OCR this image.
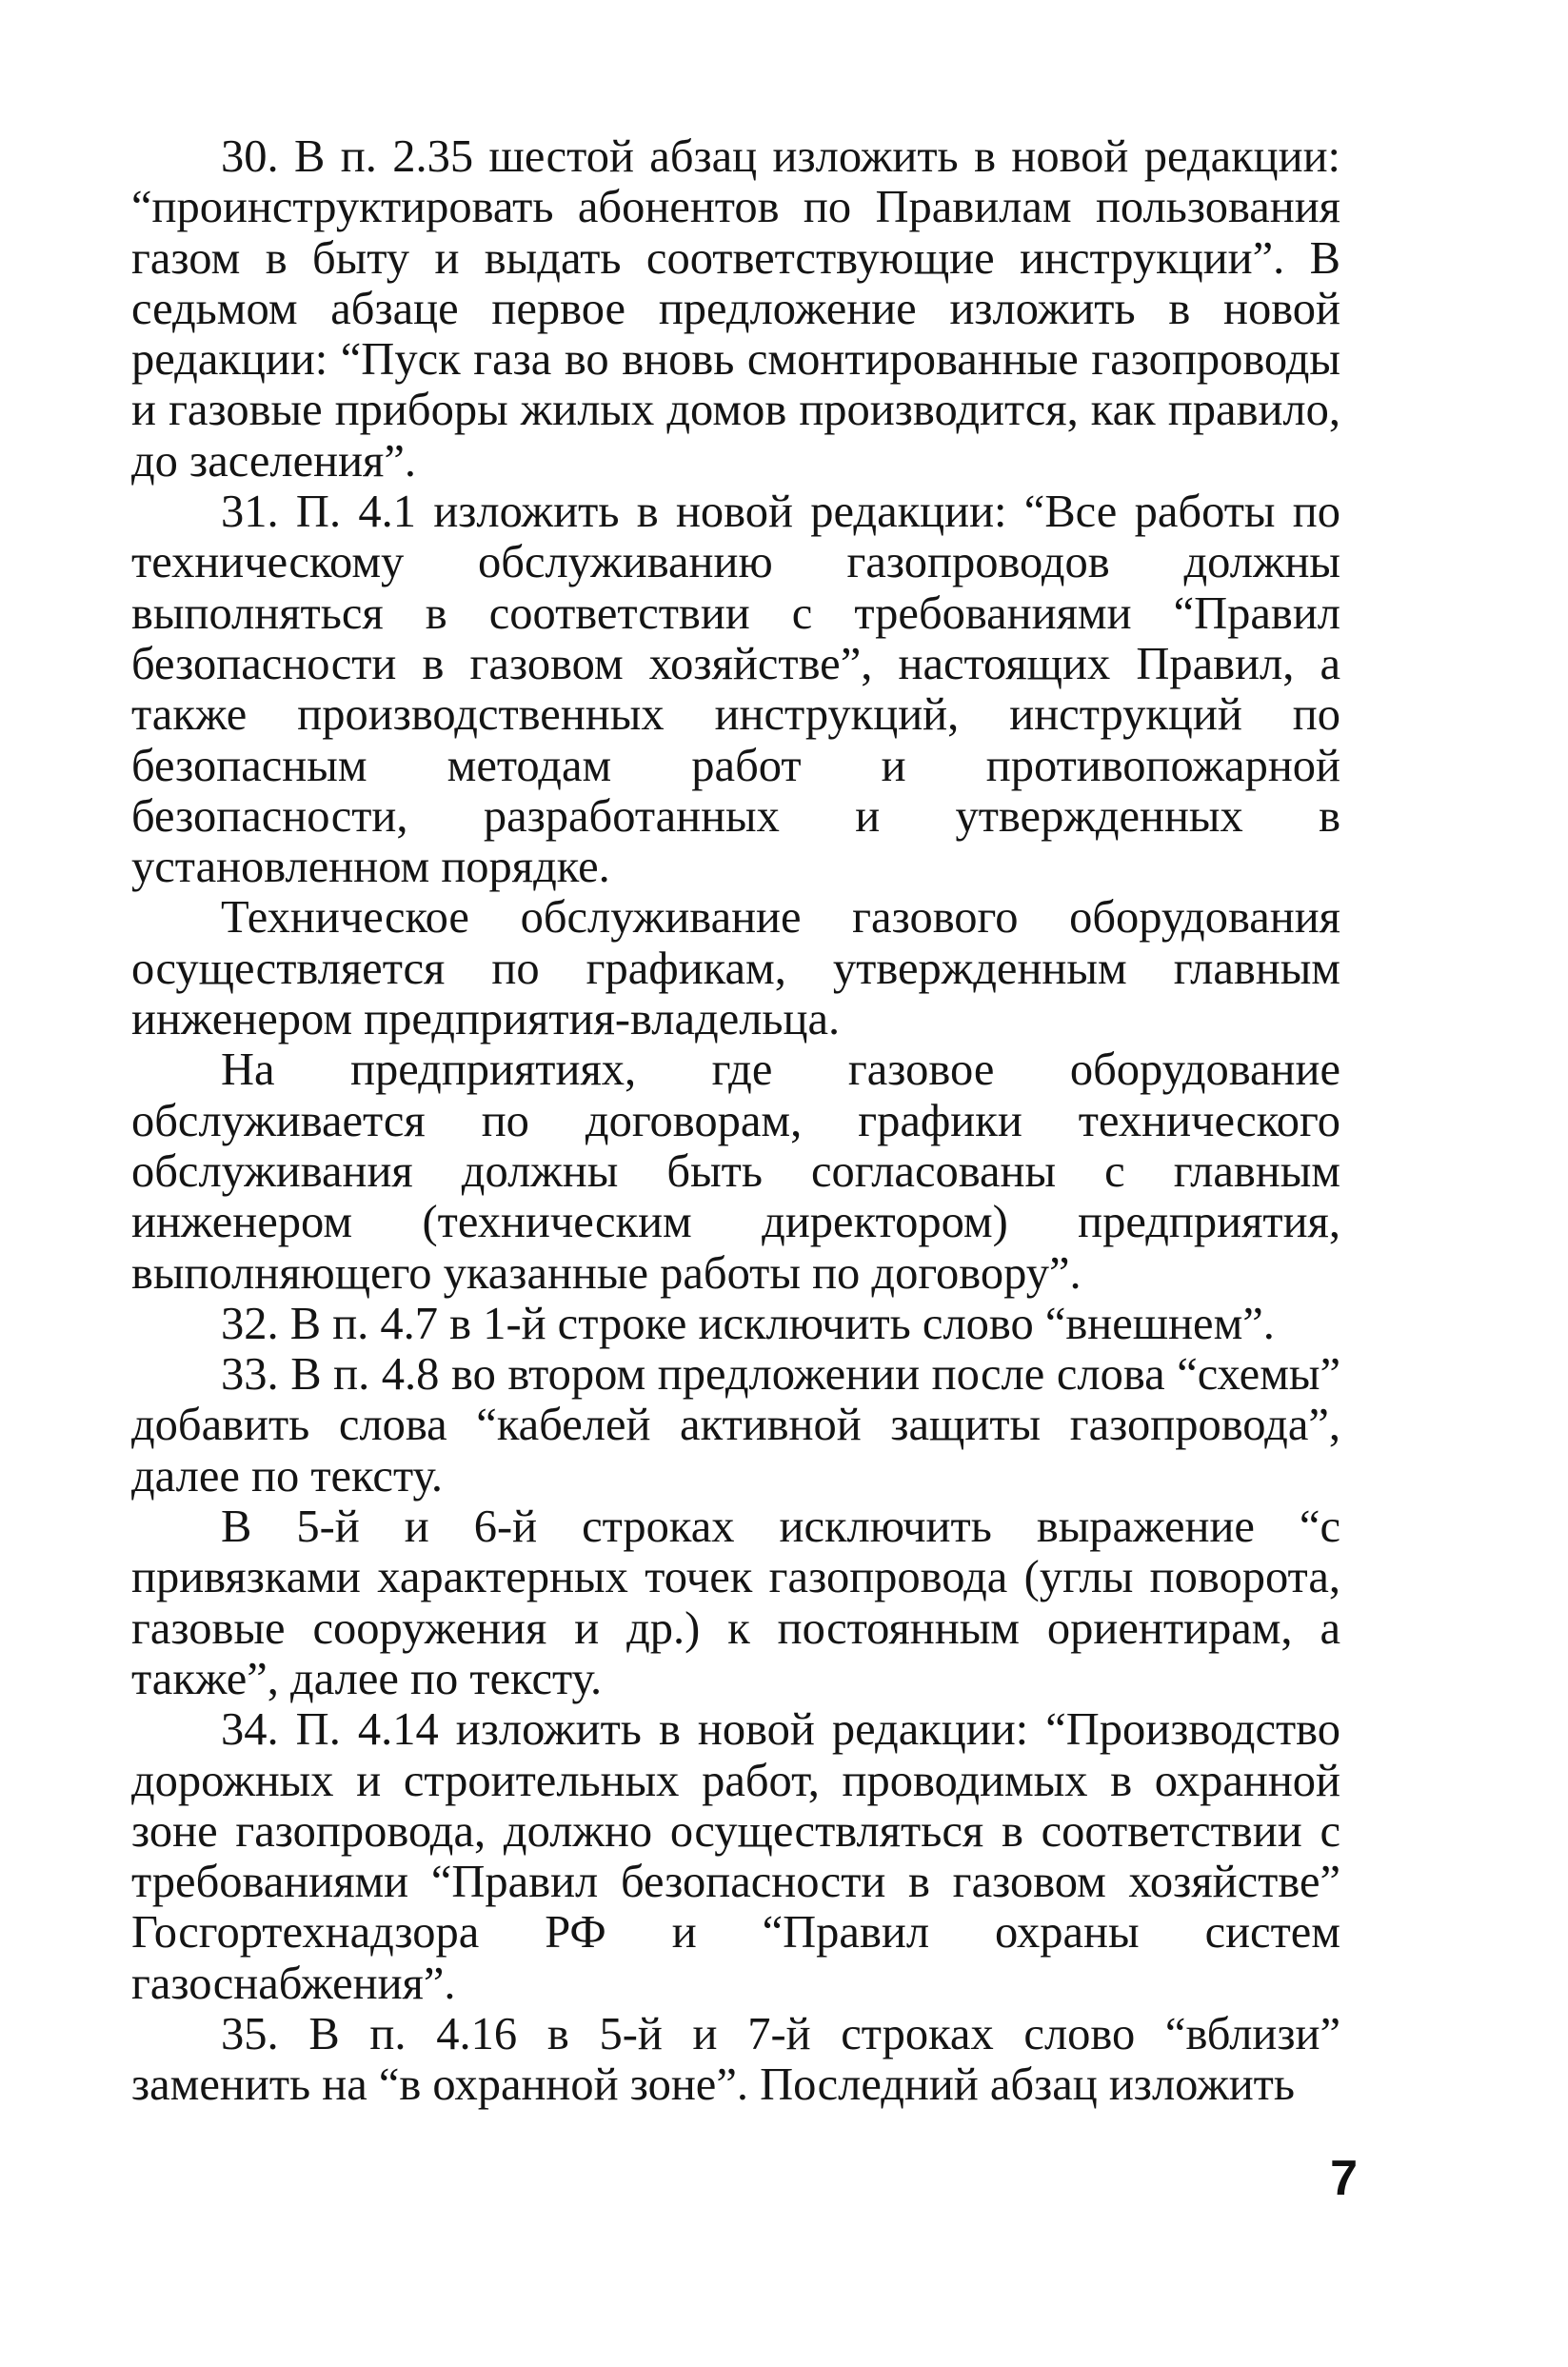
30. В п. 2.35 шестой абзац изложить в новой редакции: “проинструктировать абонентов по Правилам пользования газом в быту и выдать соответствующие инструкции”. В седьмом абзаце первое предложение изложить в новой редакции: “Пуск газа во вновь смонтированные газопроводы и газовые приборы жилых домов производится, как правило, до заселения”.

31. П. 4.1 изложить в новой редакции: “Все работы по техническому обслуживанию газопроводов должны выполняться в соответствии с требованиями “Правил безопасности в газовом хозяйстве”, настоящих Правил, а также производственных инструкций, инструкций по безопасным методам работ и противопожарной безопасности, разработанных и утвержденных в установленном порядке.

Техническое обслуживание газового оборудования осуществляется по графикам, утвержденным главным инженером предприятия-владельца.

На предприятиях, где газовое оборудование обслуживается по договорам, графики технического обслуживания должны быть согласованы с главным инженером (техническим директором) предприятия, выполняющего указанные работы по договору”.

32. В п. 4.7 в 1-й строке исключить слово “внешнем”.

33. В п. 4.8 во втором предложении после слова “схемы” добавить слова “кабелей активной защиты газопровода”, далее по тексту.

В 5-й и 6-й строках исключить выражение “с привязками характерных точек газопровода (углы поворота, газовые сооружения и др.) к постоянным ориентирам, а также”, далее по тексту.

34. П. 4.14 изложить в новой редакции: “Производство дорожных и строительных работ, проводимых в охранной зоне газопровода, должно осуществляться в соответствии с требованиями “Правил безопасности в газовом хозяйстве” Госгортехнадзора РФ и “Правил охраны систем газоснабжения”.

35. В п. 4.16 в 5-й и 7-й строках слово “вблизи” заменить на “в охранной зоне”. Последний абзац изложить

7
